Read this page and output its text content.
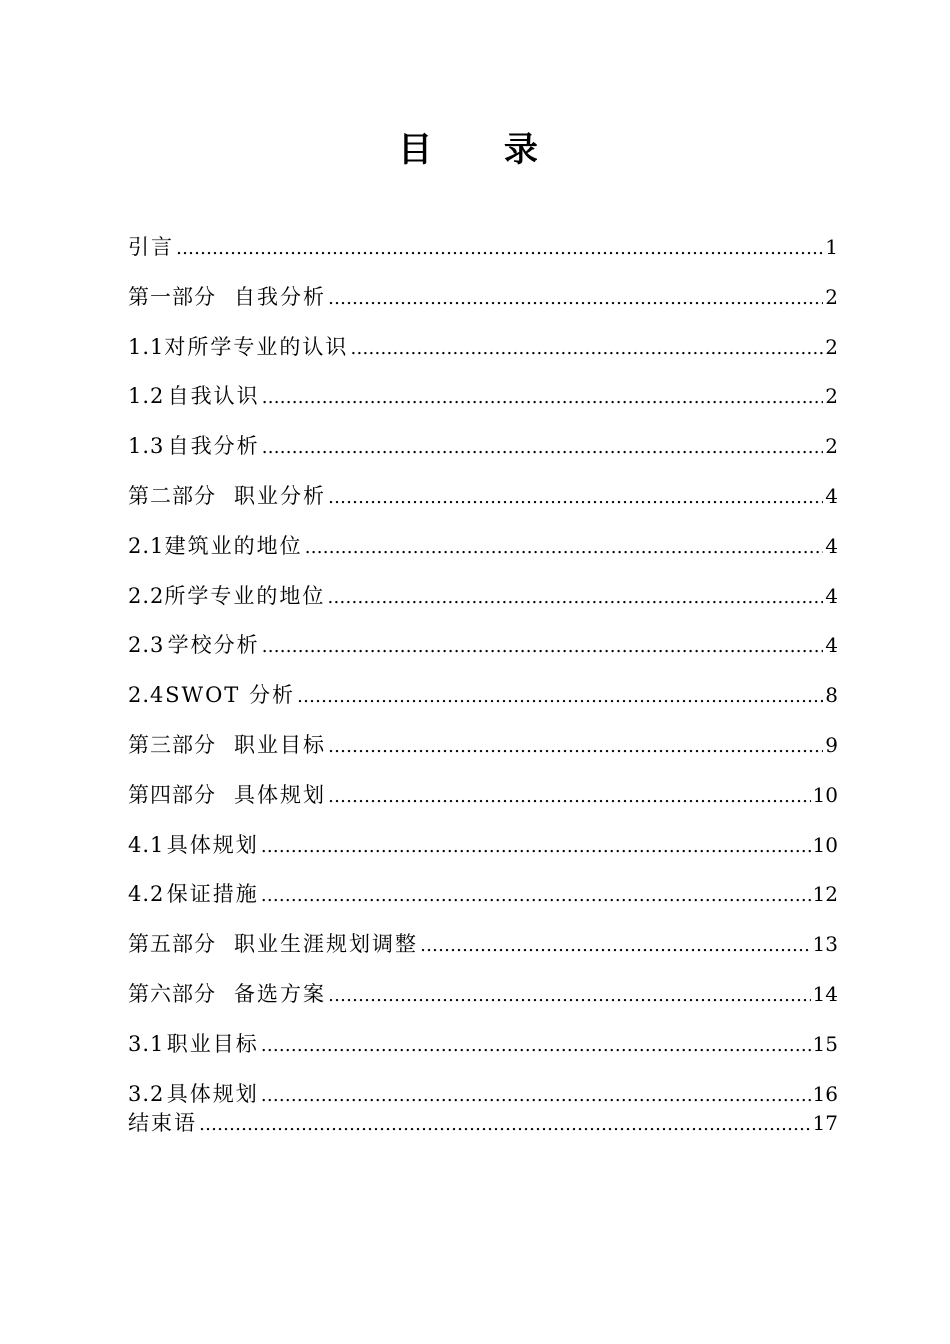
目 录
引言 …………………………………………………………………………………………………………………………………………	1
第一部分 自我分析 …………………………………………………………………………………………………………………………………………	2
1.1 对所学专业的认识 …………………………………………………………………………………………………………………………………………	2
1.2 自我认识 …………………………………………………………………………………………………………………………………………	2
1.3 自我分析 …………………………………………………………………………………………………………………………………………	2
第二部分 职业分析 …………………………………………………………………………………………………………………………………………	4
2.1 建筑业的地位 …………………………………………………………………………………………………………………………………………	4
2.2 所学专业的地位 …………………………………………………………………………………………………………………………………………	4
2.3 学校分析 …………………………………………………………………………………………………………………………………………	4
2.4 SWOT 分析 …………………………………………………………………………………………………………………………………………	8
第三部分 职业目标 …………………………………………………………………………………………………………………………………………	9
第四部分 具体规划 …………………………………………………………………………………………………………………………………………	10
4.1 具体规划 …………………………………………………………………………………………………………………………………………	10
4.2 保证措施 …………………………………………………………………………………………………………………………………………	12
第五部分 职业生涯规划调整 …………………………………………………………………………………………………………………………………………	13
第六部分 备选方案 …………………………………………………………………………………………………………………………………………	14
3.1 职业目标 …………………………………………………………………………………………………………………………………………	15
3.2 具体规划 …………………………………………………………………………………………………………………………………………	16
结束语 …………………………………………………………………………………………………………………………………………	17
